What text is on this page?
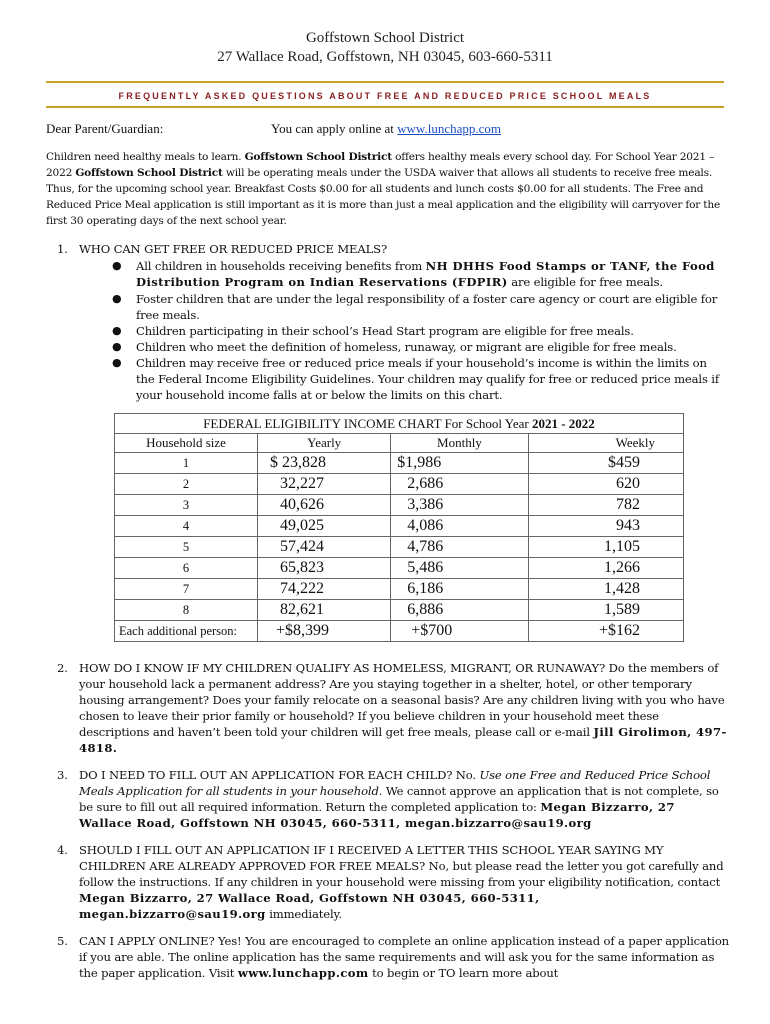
Goffstown School District
27 Wallace Road, Goffstown, NH 03045, 603-660-5311
FREQUENTLY ASKED QUESTIONS ABOUT FREE AND REDUCED PRICE SCHOOL MEALS
Dear Parent/Guardian:	You can apply online at www.lunchapp.com
Children need healthy meals to learn. Goffstown School District offers healthy meals every school day. For School Year 2021 – 2022 Goffstown School District will be operating meals under the USDA waiver that allows all students to receive free meals. Thus, for the upcoming school year. Breakfast Costs $0.00 for all students and lunch costs $0.00 for all students. The Free and Reduced Price Meal application is still important as it is more than just a meal application and the eligibility will carryover for the first 30 operating days of the next school year.
1. WHO CAN GET FREE OR REDUCED PRICE MEALS?
● All children in households receiving benefits from NH DHHS Food Stamps or TANF, the Food Distribution Program on Indian Reservations (FDPIR) are eligible for free meals.
● Foster children that are under the legal responsibility of a foster care agency or court are eligible for free meals.
● Children participating in their school’s Head Start program are eligible for free meals.
● Children who meet the definition of homeless, runaway, or migrant are eligible for free meals.
● Children may receive free or reduced price meals if your household’s income is within the limits on the Federal Income Eligibility Guidelines. Your children may qualify for free or reduced price meals if your household income falls at or below the limits on this chart.
FEDERAL ELIGIBILITY INCOME CHART For School Year 2021 - 2022			
Household size	Yearly	Monthly	Weekly
1	$ 23,828	$1,986	$459
2	32,227	2,686	620
3	40,626	3,386	782
4	49,025	4,086	943
5	57,424	4,786	1,105
6	65,823	5,486	1,266
7	74,222	6,186	1,428
8	82,621	6,886	1,589
Each additional person:	+$8,399	+$700	+$162
2. HOW DO I KNOW IF MY CHILDREN QUALIFY AS HOMELESS, MIGRANT, OR RUNAWAY? Do the members of your household lack a permanent address? Are you staying together in a shelter, hotel, or other temporary housing arrangement? Does your family relocate on a seasonal basis? Are any children living with you who have chosen to leave their prior family or household? If you believe children in your household meet these descriptions and haven’t been told your children will get free meals, please call or e-mail Jill Girolimon, 497-4818.
3. DO I NEED TO FILL OUT AN APPLICATION FOR EACH CHILD? No. Use one Free and Reduced Price School Meals Application for all students in your household. We cannot approve an application that is not complete, so be sure to fill out all required information. Return the completed application to: Megan Bizzarro, 27 Wallace Road, Goffstown NH 03045, 660-5311, megan.bizzarro@sau19.org
4. SHOULD I FILL OUT AN APPLICATION IF I RECEIVED A LETTER THIS SCHOOL YEAR SAYING MY CHILDREN ARE ALREADY APPROVED FOR FREE MEALS? No, but please read the letter you got carefully and follow the instructions. If any children in your household were missing from your eligibility notification, contact Megan Bizzarro, 27 Wallace Road, Goffstown NH 03045, 660-5311, megan.bizzarro@sau19.org immediately.
5. CAN I APPLY ONLINE? Yes! You are encouraged to complete an online application instead of a paper application if you are able. The online application has the same requirements and will ask you for the same information as the paper application. Visit www.lunchapp.com to begin or TO learn more about
